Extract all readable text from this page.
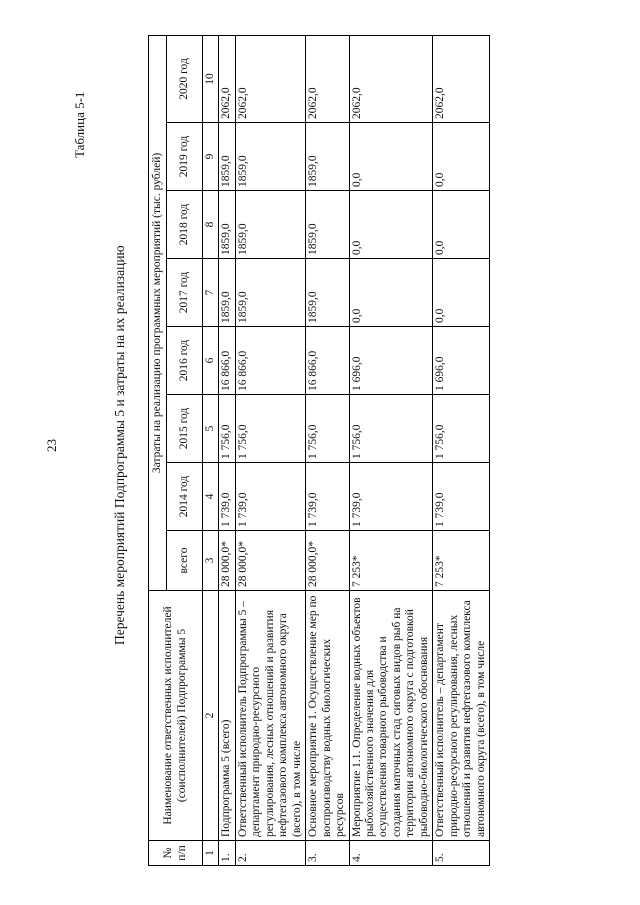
23	Перечень мероприятий Подпрограммы 5 и затраты на их реализацию
Таблица 5-1
№ п/п	Наименование ответственных исполнителей (соисполнителей) Подпрограммы 5	Затраты на реализацию программных мероприятий (тыс. рублей)							
		всего	2014 год	2015 год	2016 год	2017 год	2018 год	2019 год	2020 год
1	2	3	4	5	6	7	8	9	10
1.	Подпрограмма 5 (всего)	28 000,0*	1 739,0	1 756,0	16 866,0	1859,0	1859,0	1859,0	2062,0
2.	Ответственный исполнитель Подпрограммы 5 – департамент природно-ресурсного регулирования, лесных отношений и развития нефтегазового комплекса автономного округа (всего), в том числе	28 000,0*	1 739,0	1 756,0	16 866,0	1859,0	1859,0	1859,0	2062,0
3.	Основное мероприятие 1. Осуществление мер по воспроизводству водных биологических ресурсов	28 000,0*	1 739,0	1 756,0	16 866,0	1859,0	1859,0	1859,0	2062,0
4.	Мероприятие 1.1. Определение водных объектов рыбохозяйственного значения для осуществления товарного рыбоводства и создания маточных стад сиговых видов рыб на территории автономного округа с подготовкой рыбоводно-биологического обоснования	7 253*	1 739,0	1 756,0	1 696,0	0,0	0,0	0,0	2062,0
5.	Ответственный исполнитель – департамент природно-ресурсного регулирования, лесных отношений и развития нефтегазового комплекса автономного округа (всего), в том числе	7 253*	1 739,0	1 756,0	1 696,0	0,0	0,0	0,0	2062,0
